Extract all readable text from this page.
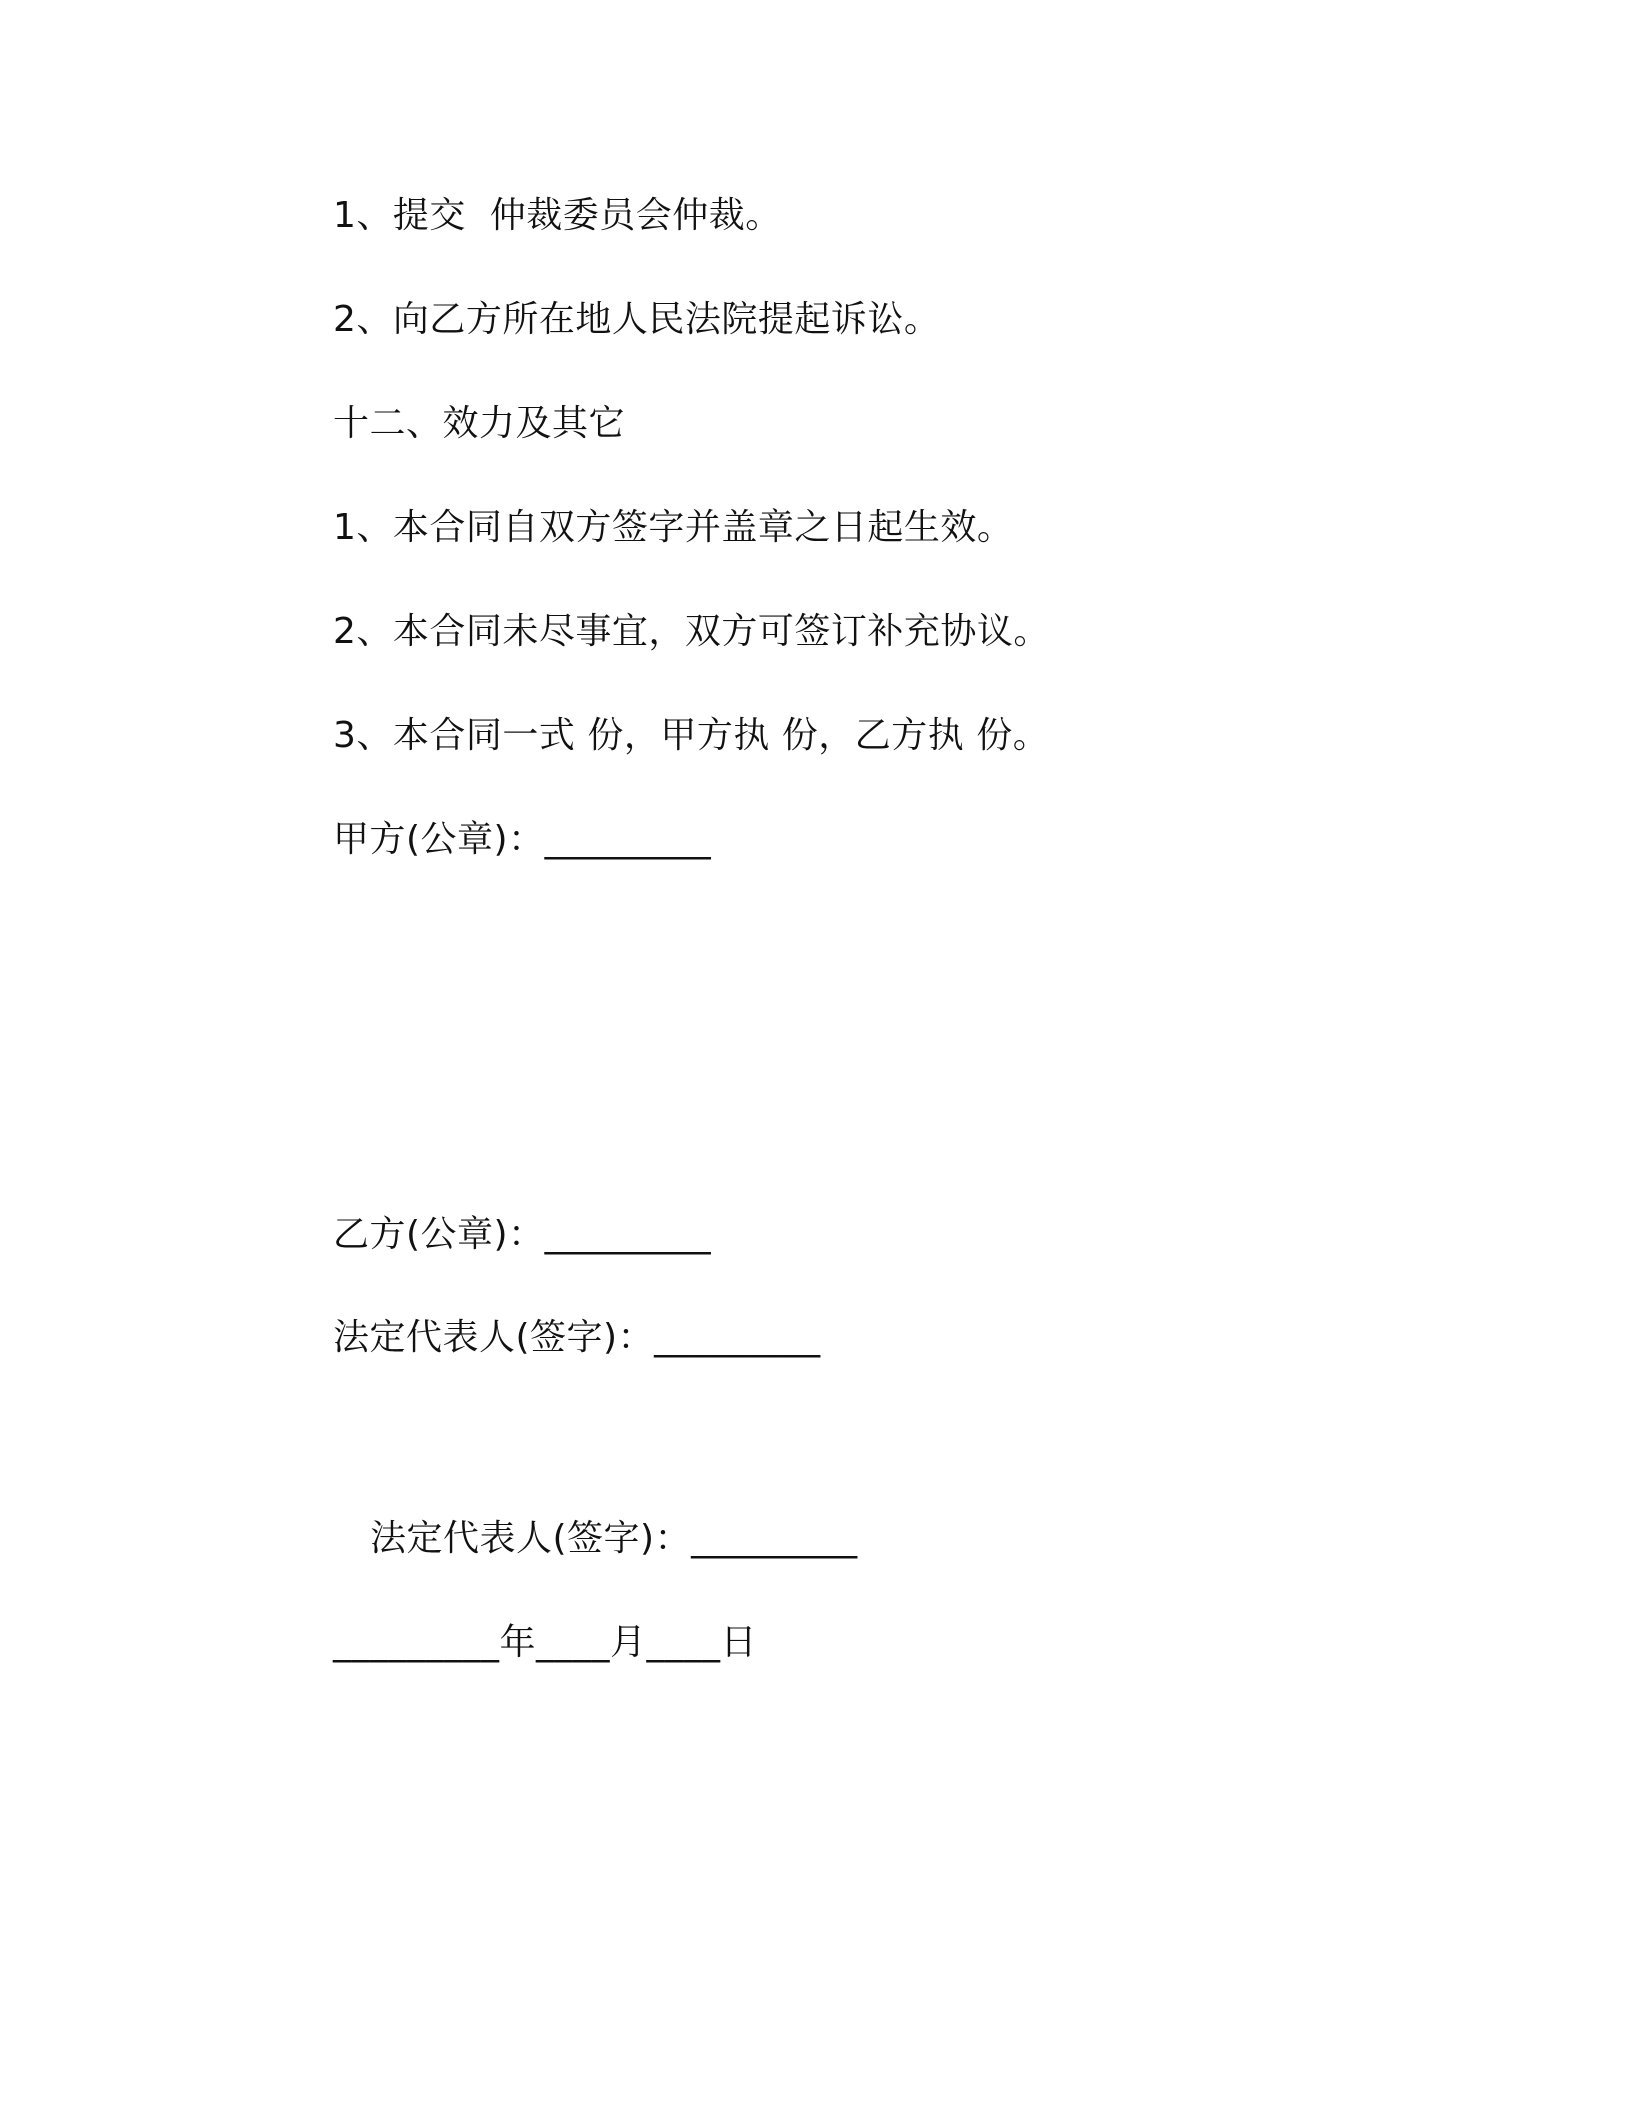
1、提交  仲裁委员会仲裁。
2、向乙方所在地人民法院提起诉讼。
十二、效力及其它
1、本合同自双方签字并盖章之日起生效。
2、本合同未尽事宜，双方可签订补充协议。
3、本合同一式 份，甲方执 份，乙方执 份。
甲方(公章)：_________
乙方(公章)：_________
法定代表人(签字)：_________
法定代表人(签字)：_________
_________年____月____日
